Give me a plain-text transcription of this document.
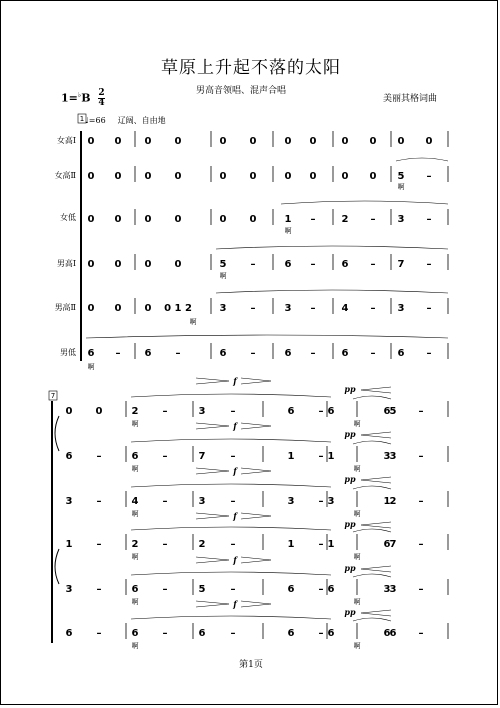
草原上升起不落的太阳
$1=^♭B \frac{2}{4}$	男高音领唱、混声合唱
美丽其格词曲
♩=66 辽阔、自由地
女高Ⅰ
女高Ⅱ
女低
男高Ⅰ
男高Ⅱ
男低
1
0 0 0 0	0 0	0 0	0 0 0 0
0 0 0 0	0 0	0 0	0 0 5 –
0 0 0 0	0 0	1 –	2 – 3 –
0 0 0 0	5 –	6 –	6 – 7 –
0 0 0 0 1 2	3 –	3 –	4 – 3 –
6 – 6 –	6 –	6 –	6 – 6 –
啊
啊
啊
啊
啊
7
0 0	2 –	3	–	6 – 6	6 5 –
6 –	6 –	7	–	1 – 1	3 3 –
3 –	4 –	3	–	3 – 3	1 2 –
1 –	2 –	2	–	1 – 1	6 7 –
3 –	6 –	5	–	6 – 6	3 3 –
6 –	6 –	6	–	6 – 6	6 6 –
f
pp
f
pp
f
pp
f
pp
f
pp
f
pp
啊	啊
啊	啊
啊	啊
啊	啊
啊	啊
啊	啊
第1页
